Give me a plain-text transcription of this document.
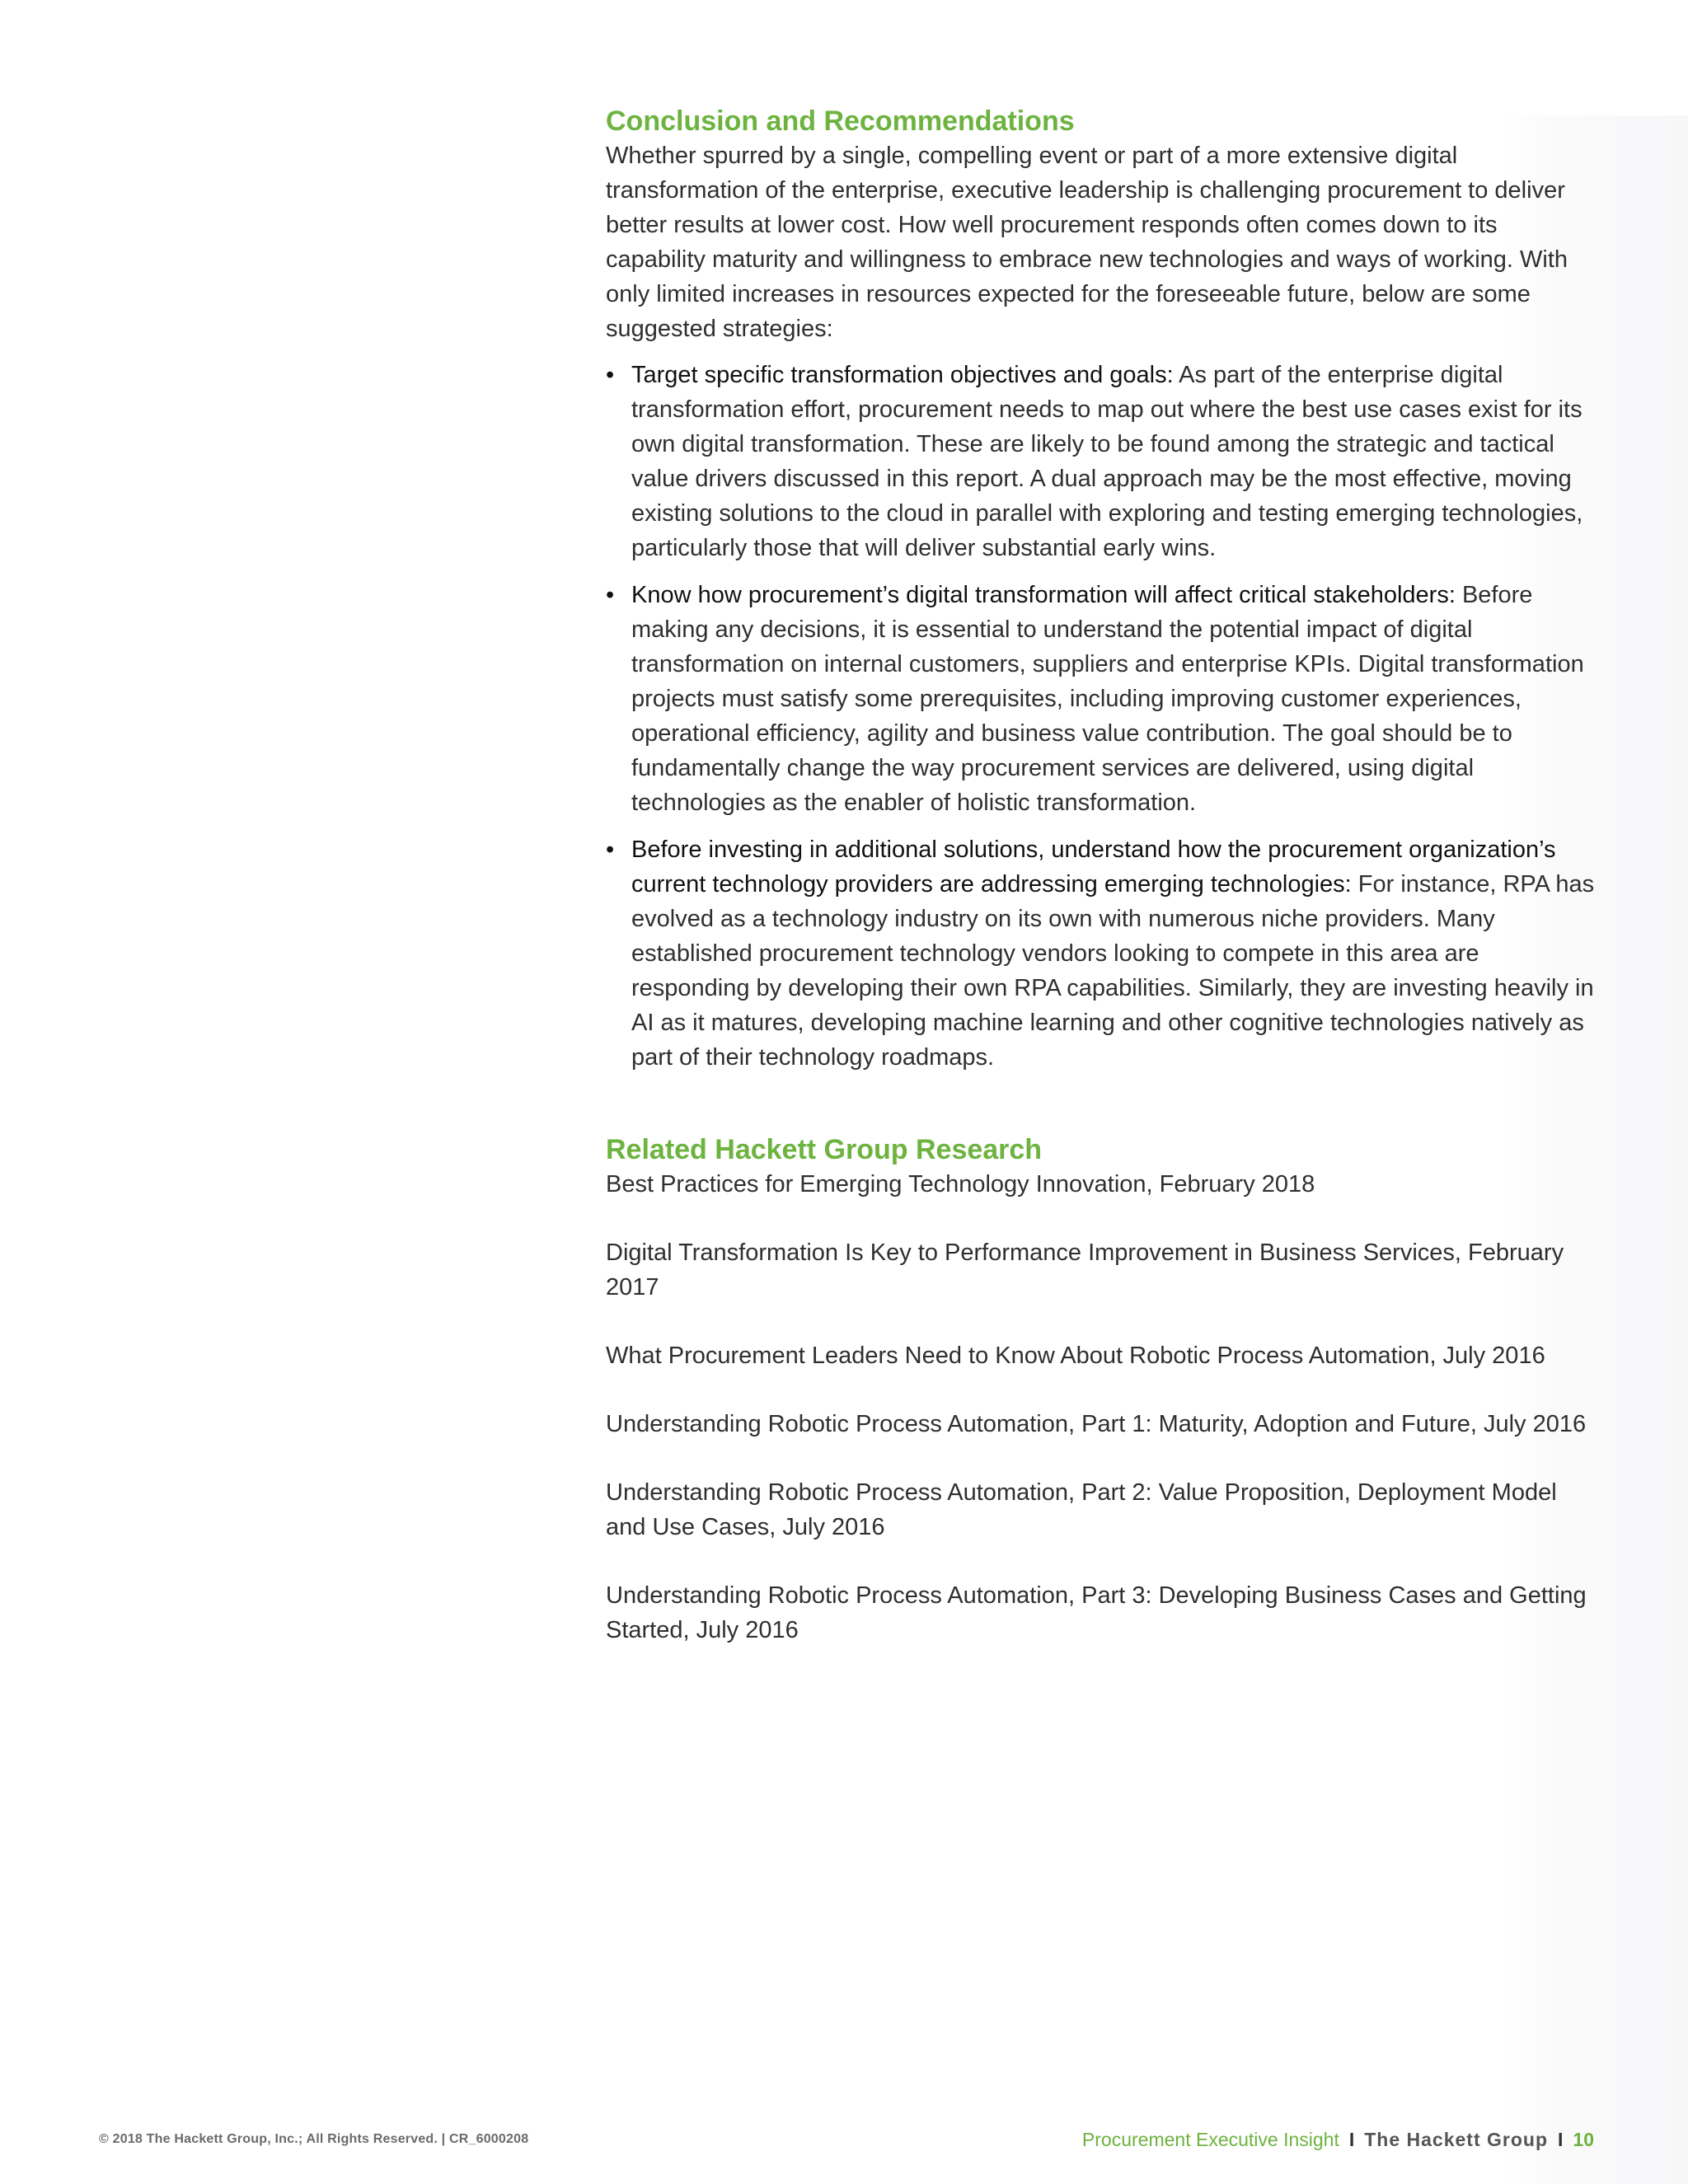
Conclusion and Recommendations

Whether spurred by a single, compelling event or part of a more extensive digital transformation of the enterprise, executive leadership is challenging procurement to deliver better results at lower cost. How well procurement responds often comes down to its capability maturity and willingness to embrace new technologies and ways of working. With only limited increases in resources expected for the foreseeable future, below are some suggested strategies:

• Target specific transformation objectives and goals: As part of the enterprise digital transformation effort, procurement needs to map out where the best use cases exist for its own digital transformation. These are likely to be found among the strategic and tactical value drivers discussed in this report. A dual approach may be the most effective, moving existing solutions to the cloud in parallel with exploring and testing emerging technologies, particularly those that will deliver substantial early wins.
• Know how procurement’s digital transformation will affect critical stakeholders: Before making any decisions, it is essential to understand the potential impact of digital transformation on internal customers, suppliers and enterprise KPIs. Digital transformation projects must satisfy some prerequisites, including improving customer experiences, operational efficiency, agility and business value contribution. The goal should be to fundamentally change the way procurement services are delivered, using digital technologies as the enabler of holistic transformation.
• Before investing in additional solutions, understand how the procurement organization’s current technology providers are addressing emerging technologies: For instance, RPA has evolved as a technology industry on its own with numerous niche providers. Many established procurement technology vendors looking to compete in this area are responding by developing their own RPA capabilities. Similarly, they are investing heavily in AI as it matures, developing machine learning and other cognitive technologies natively as part of their technology roadmaps.
Related Hackett Group Research

Best Practices for Emerging Technology Innovation, February 2018

Digital Transformation Is Key to Performance Improvement in Business Services, February 2017

What Procurement Leaders Need to Know About Robotic Process Automation, July 2016

Understanding Robotic Process Automation, Part 1: Maturity, Adoption and Future, July 2016

Understanding Robotic Process Automation, Part 2: Value Proposition, Deployment Model and Use Cases, July 2016

Understanding Robotic Process Automation, Part 3: Developing Business Cases and Getting Started, July 2016

© 2018 The Hackett Group, Inc.; All Rights Reserved. | CR_6000208	Procurement Executive Insight I The Hackett Group I 10
